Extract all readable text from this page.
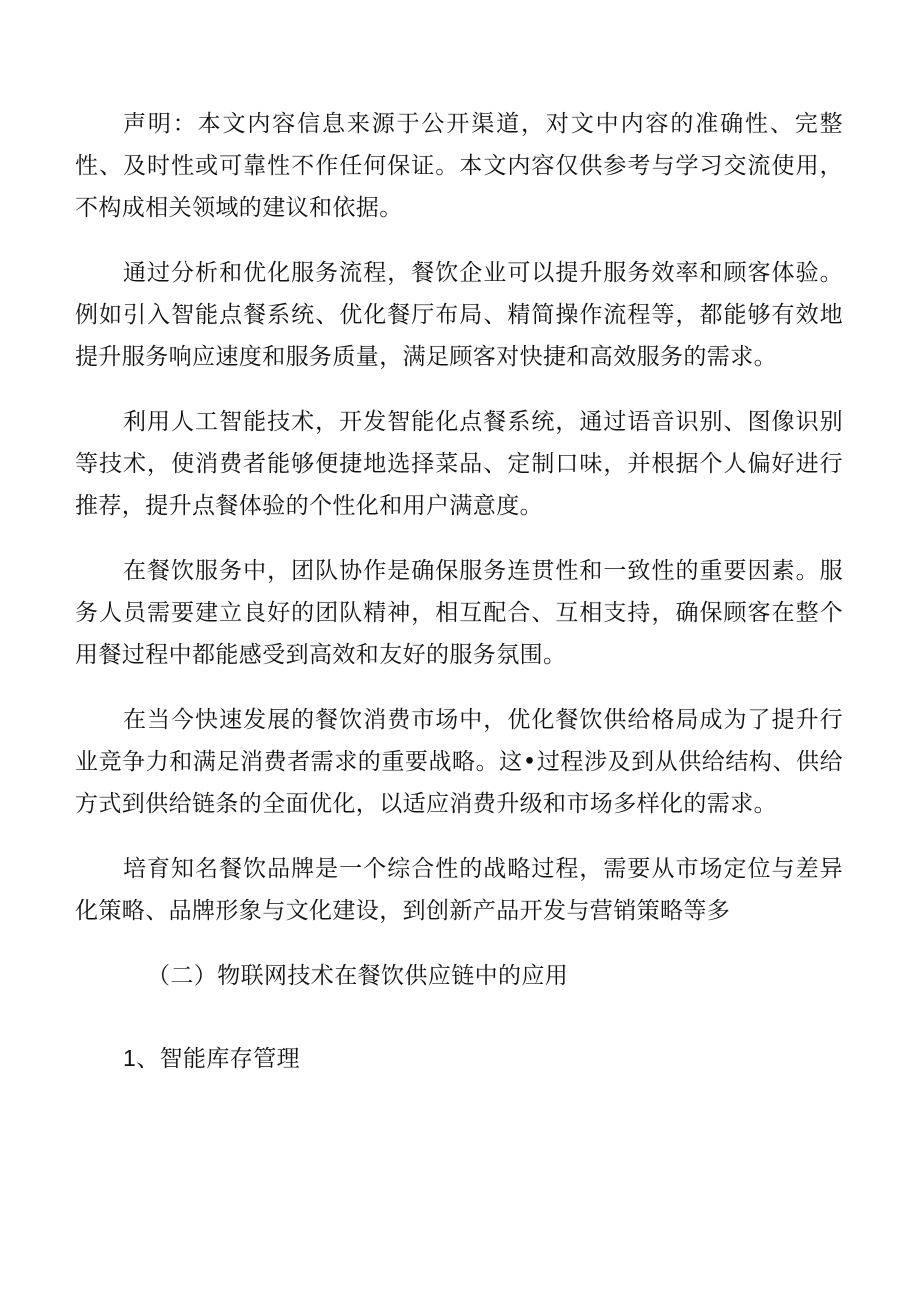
声明：本文内容信息来源于公开渠道，对文中内容的准确性、完整性、及时性或可靠性不作任何保证。本文内容仅供参考与学习交流使用，不构成相关领域的建议和依据。

通过分析和优化服务流程，餐饮企业可以提升服务效率和顾客体验。例如引入智能点餐系统、优化餐厅布局、精简操作流程等，都能够有效地提升服务响应速度和服务质量，满足顾客对快捷和高效服务的需求。

利用人工智能技术，开发智能化点餐系统，通过语音识别、图像识别等技术，使消费者能够便捷地选择菜品、定制口味，并根据个人偏好进行推荐，提升点餐体验的个性化和用户满意度。

在餐饮服务中，团队协作是确保服务连贯性和一致性的重要因素。服务人员需要建立良好的团队精神，相互配合、互相支持，确保顾客在整个用餐过程中都能感受到高效和友好的服务氛围。

在当今快速发展的餐饮消费市场中，优化餐饮供给格局成为了提升行业竞争力和满足消费者需求的重要战略。这•过程涉及到从供给结构、供给方式到供给链条的全面优化，以适应消费升级和市场多样化的需求。

培育知名餐饮品牌是一个综合性的战略过程，需要从市场定位与差异化策略、品牌形象与文化建设，到创新产品开发与营销策略等多

（二）物联网技术在餐饮供应链中的应用
1、智能库存管理
